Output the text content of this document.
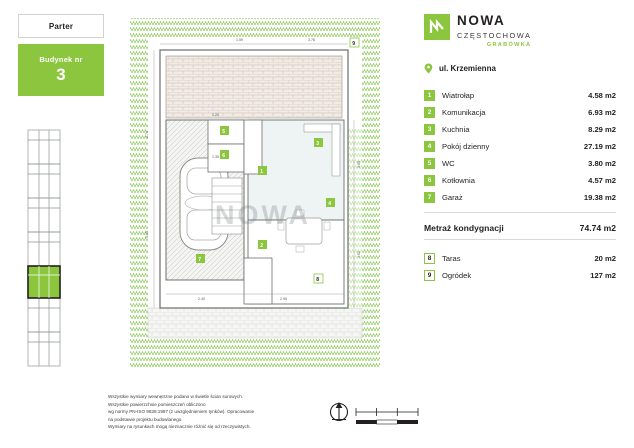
Parter
Budynek nr
3
1.59	3.76
2.74
5.15
3.05
4.52
2.40	2.95
1.35
1.20
1
2
3
4
5
6
7
8
9
NOWA
NOWA
CZĘSTOCHOWA
GRABÓWKA
ul. Krzemienna
1	Wiatrołap	4.58 m2
2	Komunikacja	6.93 m2
3	Kuchnia	8.29 m2
4	Pokój dzienny	27.19 m2
5	WC	3.80 m2
6	Kotłownia	4.57 m2
7	Garaż	19.38 m2
Metraż kondygnacji	74.74 m2
8	Taras	20 m2
9	Ogródek	127 m2
Wszystkie wymiary wewnętrzne podano w świetle ścian surowych.
Wszystkie powierzchnie pomieszczeń obliczono
wg normy PN-ISO 9836:1997 (z uwzględnieniem tynków). Opracowanie
na podstawie projektu budowlanego.
Wymiary na rysunkach mogą nieznacznie różnić się od rzeczywistych.
